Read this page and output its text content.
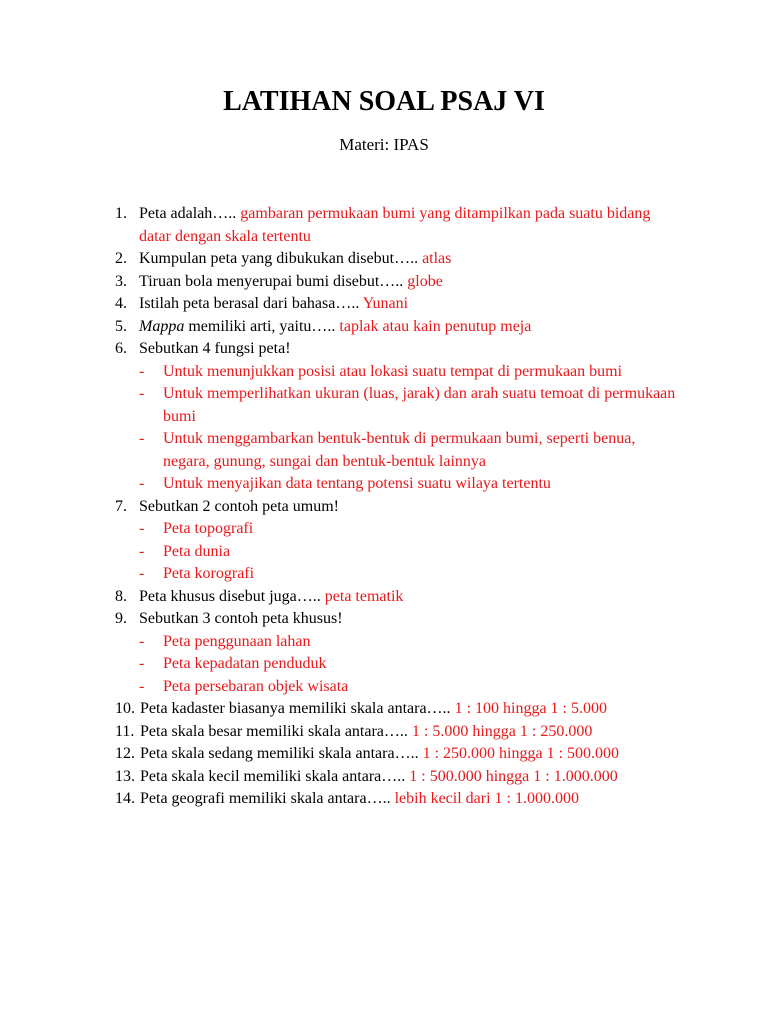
LATIHAN SOAL PSAJ VI

Materi: IPAS

1. Peta adalah….. gambaran permukaan bumi yang ditampilkan pada suatu bidang datar dengan skala tertentu
2. Kumpulan peta yang dibukukan disebut….. atlas
3. Tiruan bola menyerupai bumi disebut….. globe
4. Istilah peta berasal dari bahasa….. Yunani
5. Mappa memiliki arti, yaitu….. taplak atau kain penutup meja
6. Sebutkan 4 fungsi peta!
-	Untuk menunjukkan posisi atau lokasi suatu tempat di permukaan bumi
-	Untuk memperlihatkan ukuran (luas, jarak) dan arah suatu temoat di permukaan bumi
-	Untuk menggambarkan bentuk-bentuk di permukaan bumi, seperti benua, negara, gunung, sungai dan bentuk-bentuk lainnya
-	Untuk menyajikan data tentang potensi suatu wilaya tertentu
7. Sebutkan 2 contoh peta umum!
-	Peta topografi
-	Peta dunia
-	Peta korografi
8. Peta khusus disebut juga….. peta tematik
9. Sebutkan 3 contoh peta khusus!
-	Peta penggunaan lahan
-	Peta kepadatan penduduk
-	Peta persebaran objek wisata
10. Peta kadaster biasanya memiliki skala antara….. 1 : 100 hingga 1 : 5.000
11. Peta skala besar memiliki skala antara….. 1 : 5.000 hingga 1 : 250.000
12. Peta skala sedang memiliki skala antara….. 1 : 250.000 hingga 1 : 500.000
13. Peta skala kecil memiliki skala antara….. 1 : 500.000 hingga 1 : 1.000.000
14. Peta geografi memiliki skala antara….. lebih kecil dari 1 : 1.000.000
